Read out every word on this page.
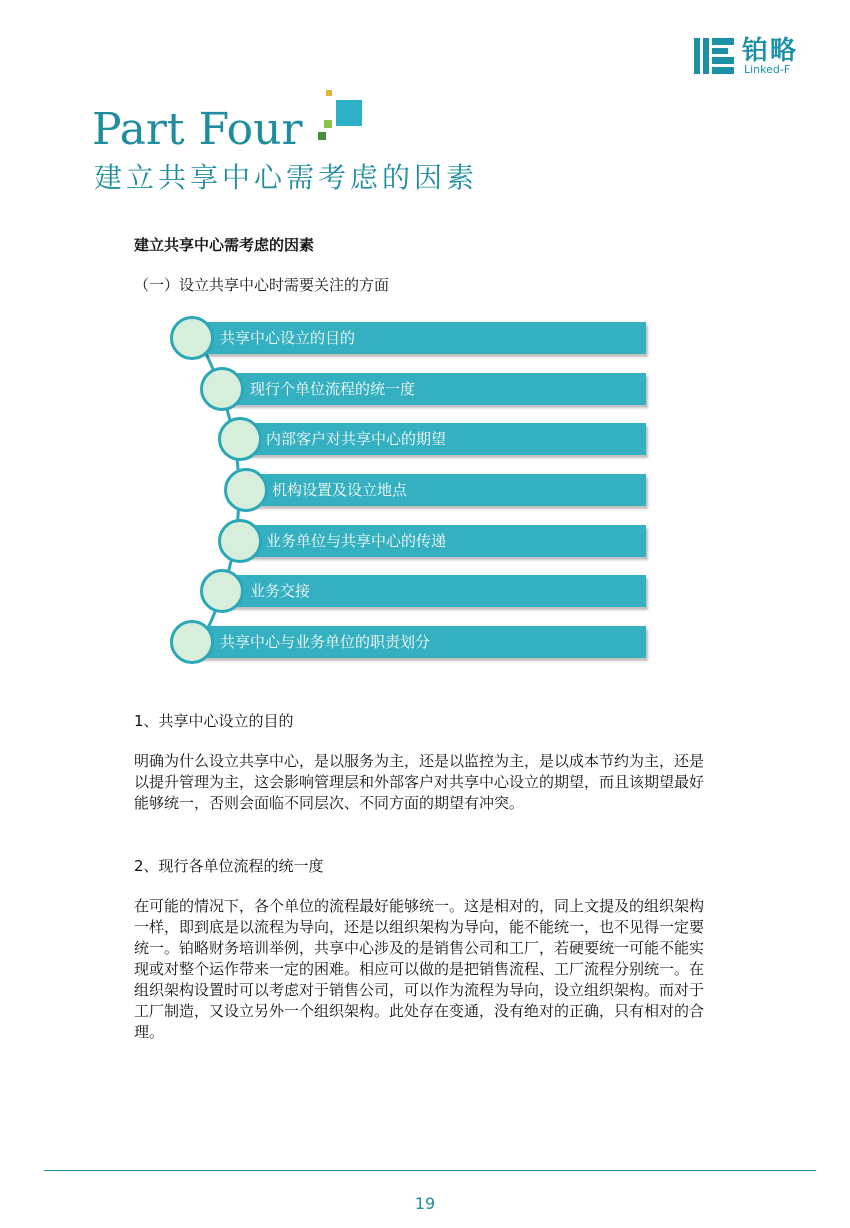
铂略
Linked-F
Part Four
建立共享中心需考虑的因素
建立共享中心需考虑的因素
（一）设立共享中心时需要关注的方面
共享中心设立的目的
现行个单位流程的统一度
内部客户对共享中心的期望
机构设置及设立地点
业务单位与共享中心的传递
业务交接
共享中心与业务单位的职责划分
1、共享中心设立的目的
明确为什么设立共享中心，是以服务为主，还是以监控为主，是以成本节约为主，还是以提升管理为主，这会影响管理层和外部客户对共享中心设立的期望，而且该期望最好能够统一，否则会面临不同层次、不同方面的期望有冲突。
2、现行各单位流程的统一度
在可能的情况下，各个单位的流程最好能够统一。这是相对的，同上文提及的组织架构一样，即到底是以流程为导向，还是以组织架构为导向，能不能统一，也不见得一定要统一。铂略财务培训举例，共享中心涉及的是销售公司和工厂，若硬要统一可能不能实现或对整个运作带来一定的困难。相应可以做的是把销售流程、工厂流程分别统一。在组织架构设置时可以考虑对于销售公司，可以作为流程为导向，设立组织架构。而对于工厂制造，又设立另外一个组织架构。此处存在变通，没有绝对的正确，只有相对的合理。
19
